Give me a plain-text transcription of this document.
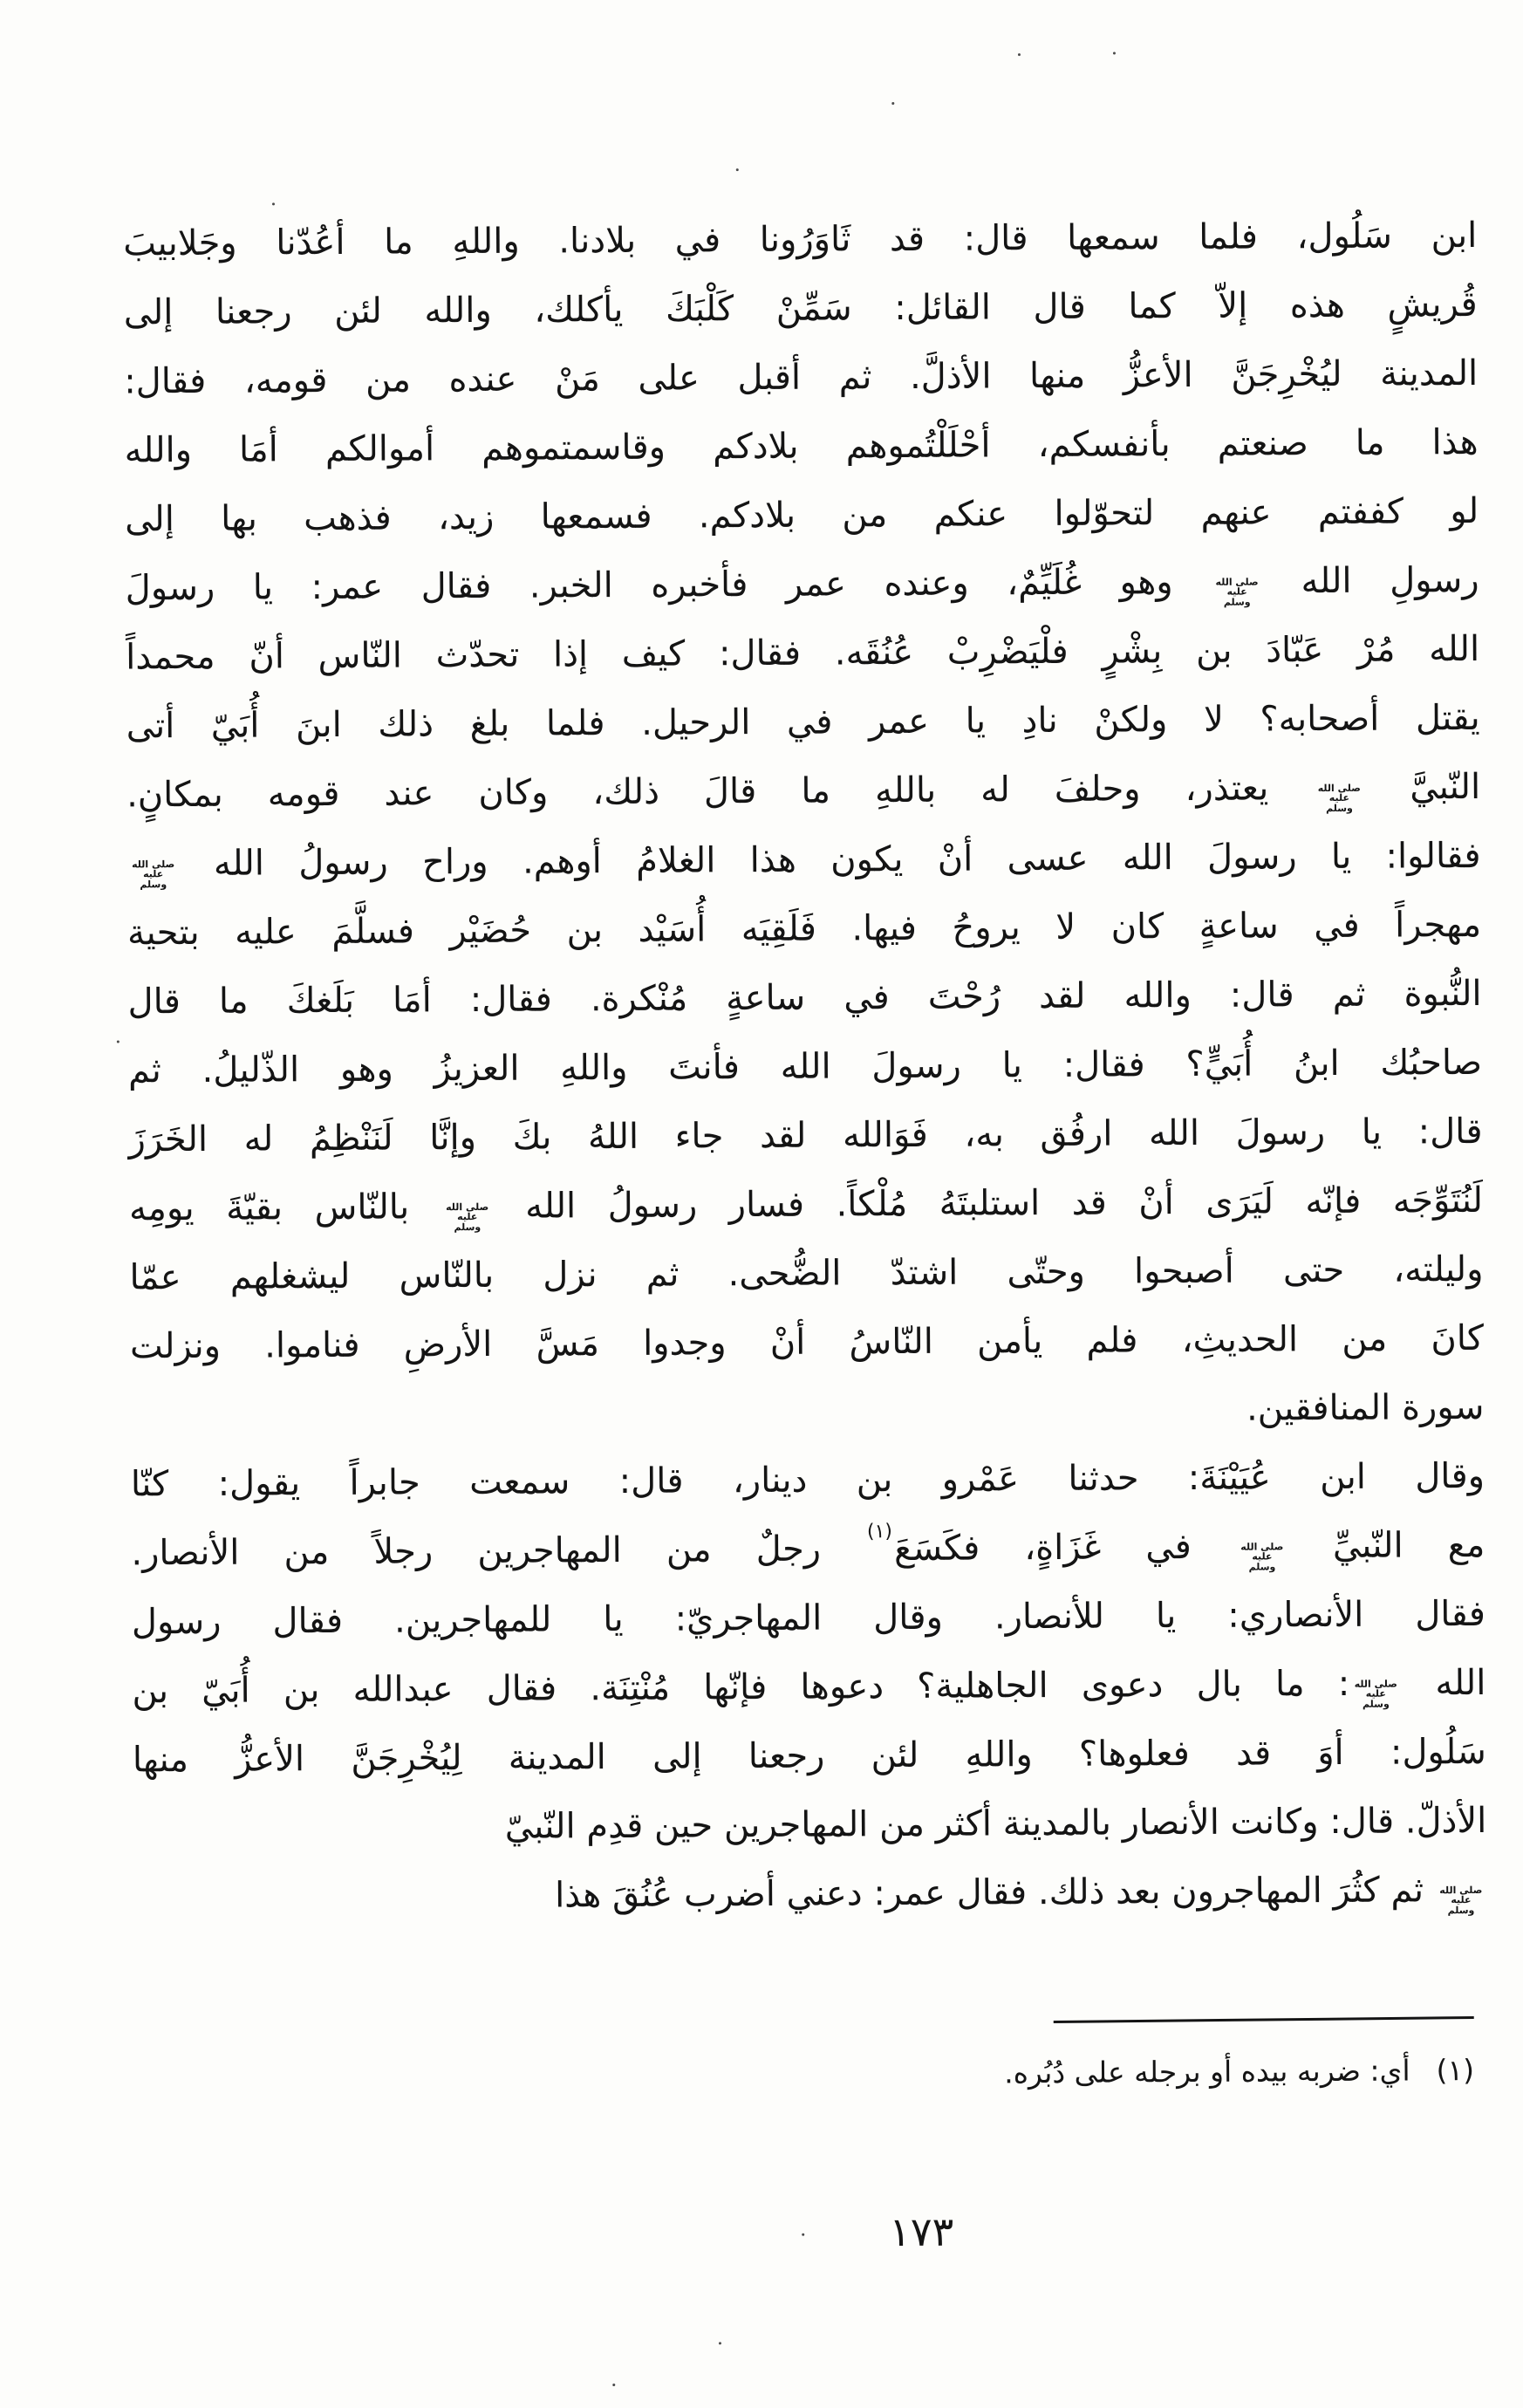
ابن سَلُول، فلما سمعها قال: قد ثَاوَرُونا في بلادنا. واللهِ ما أعُدّنا وجَلابيبَ
قُريشٍ هذه إلاّ كما قال القائل: سَمِّنْ كَلْبَكَ يأكلك، والله لئن رجعنا إلى
المدينة ليُخْرِجَنَّ الأعزُّ منها الأذلَّ. ثم أقبل على مَنْ عنده من قومه، فقال:
هذا ما صنعتم بأنفسكم، أحْلَلْتُموهم بلادكم وقاسمتموهم أموالكم أمَا والله
لو كففتم عنهم لتحوّلوا عنكم من بلادكم. فسمعها زيد، فذهب بها إلى
رسولِ الله
صلى الله
عليه
وسلم
وهو غُلَيِّمٌ، وعنده عمر فأخبره الخبر. فقال عمر: يا رسولَ
الله مُرْ عَبّادَ بن بِشْرٍ فلْيَضْرِبْ عُنُقَه. فقال: كيف إذا تحدّث النّاس أنّ محمداً
يقتل أصحابه؟ لا ولكنْ نادِ يا عمر في الرحيل. فلما بلغ ذلك ابنَ أُبَيّ أتى
النّبيَّ
صلى الله
عليه
وسلم
يعتذر، وحلفَ له باللهِ ما قالَ ذلك، وكان عند قومه بمكانٍ.
فقالوا: يا رسولَ الله عسى أنْ يكون هذا الغلامُ أوهم. وراح رسولُ الله
صلى الله
عليه
وسلم
مهجراً في ساعةٍ كان لا يروحُ فيها. فَلَقِيَه أُسَيْد بن حُضَيْر فسلَّمَ عليه بتحية
النُّبوة ثم قال: والله لقد رُحْتَ في ساعةٍ مُنْكرة. فقال: أمَا بَلَغكَ ما قال
صاحبُك ابنُ أُبَيٍّ؟ فقال: يا رسولَ الله فأنتَ واللهِ العزيزُ وهو الذّليلُ. ثم
قال: يا رسولَ الله ارفُق به، فَوَالله لقد جاء اللهُ بكَ وإنَّا لَنَنْظِمُ له الخَرَزَ
لَنُتَوِّجَه فإنّه لَيَرَى أنْ قد استلبتَهُ مُلْكاً. فسار رسولُ الله
صلى الله
عليه
وسلم
بالنّاس بقيّةَ يومِه
وليلته، حتى أصبحوا وحتّى اشتدّ الضُّحى. ثم نزل بالنّاس ليشغلهم عمّا
كانَ من الحديثِ، فلم يأمن النّاسُ أنْ وجدوا مَسَّ الأرضِ فناموا. ونزلت
سورة المنافقين.
وقال ابن عُيَيْنَةَ: حدثنا عَمْرو بن دينار، قال: سمعت جابراً يقول: كنّا
مع النّبيِّ
صلى الله
عليه
وسلم
في غَزَاةٍ، فكَسَعَ$^{(١)}$ رجلٌ من المهاجرين رجلاً من الأنصار.
فقال الأنصاري: يا للأنصار. وقال المهاجريّ: يا للمهاجرين. فقال رسول
الله
صلى الله
عليه
وسلم
: ما بال دعوى الجاهلية؟ دعوها فإنّها مُنْتِنَة. فقال عبدالله بن أُبَيّ بن
سَلُول: أوَ قد فعلوها؟ واللهِ لئن رجعنا إلى المدينة لِيُخْرِجَنَّ الأعزُّ منها
الأذلّ. قال: وكانت الأنصار بالمدينة أكثر من المهاجرين حين قدِم النّبيّ
صلى الله
عليه
وسلم
ثم كثُرَ المهاجرون بعد ذلك. فقال عمر: دعني أضرب عُنُقَ هذا
(١)أي: ضربه بيده أو برجله على دُبُره.
١٧٣
